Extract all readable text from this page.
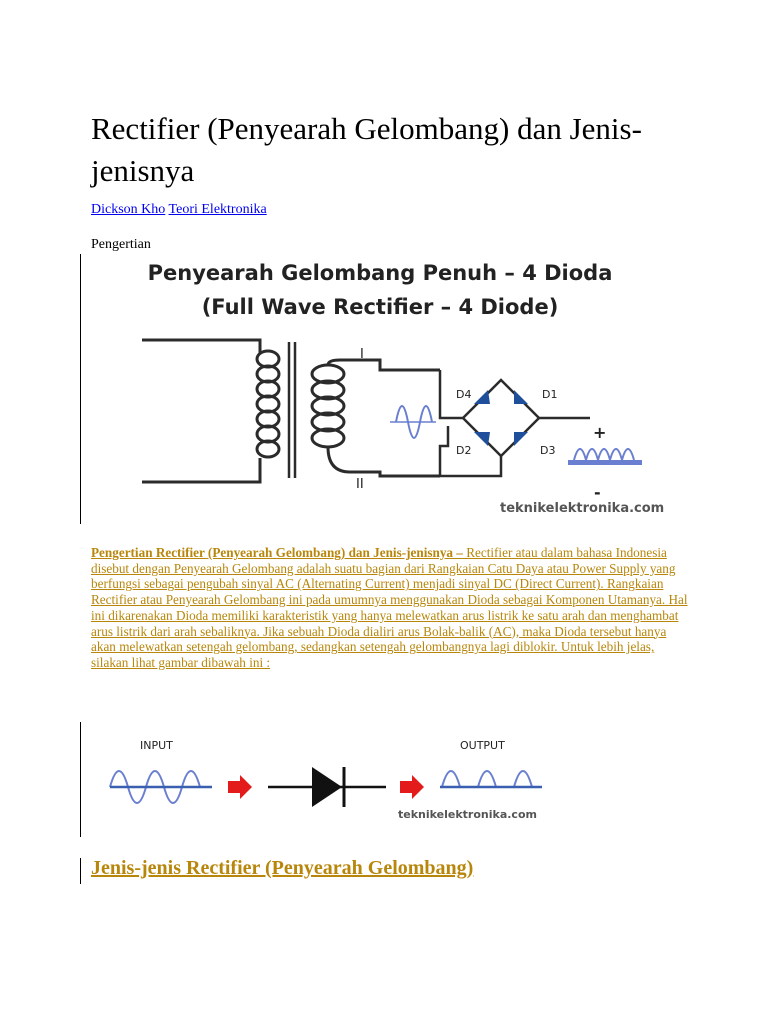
Rectifier (Penyearah Gelombang) dan Jenis-jenisnya
Dickson Kho Teori Elektronika
Pengertian
Penyearah Gelombang Penuh – 4 Dioda
(Full Wave Rectifier – 4 Diode)
I
II
D4	D1
D2	D3
+
-
teknikelektronika.com

Pengertian Rectifier (Penyearah Gelombang) dan Jenis-jenisnya – Rectifier atau dalam bahasa Indonesia disebut dengan Penyearah Gelombang adalah suatu bagian dari Rangkaian Catu Daya atau Power Supply yang berfungsi sebagai pengubah sinyal AC (Alternating Current) menjadi sinyal DC (Direct Current). Rangkaian Rectifier atau Penyearah Gelombang ini pada umumnya menggunakan Dioda sebagai Komponen Utamanya. Hal ini dikarenakan Dioda memiliki karakteristik yang hanya melewatkan arus listrik ke satu arah dan menghambat arus listrik dari arah sebaliknya. Jika sebuah Dioda dialiri arus Bolak-balik (AC), maka Dioda tersebut hanya akan melewatkan setengah gelombang, sedangkan setengah gelombangnya lagi diblokir. Untuk lebih jelas, silakan lihat gambar dibawah ini :

INPUT	OUTPUT
teknikelektronika.com
Jenis-jenis Rectifier (Penyearah Gelombang)
